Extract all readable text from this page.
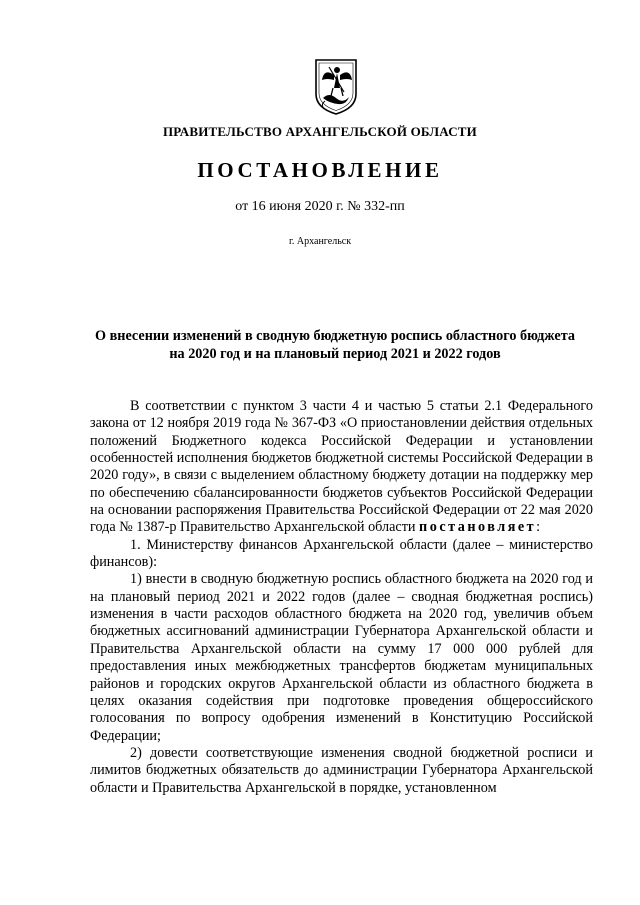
ПРАВИТЕЛЬСТВО АРХАНГЕЛЬСКОЙ ОБЛАСТИ
ПОСТАНОВЛЕНИЕ
от 16 июня 2020 г. № 332-пп
г. Архангельск
О внесении изменений в сводную бюджетную роспись областного бюджета на 2020 год и на плановый период 2021 и 2022 годов

В соответствии с пунктом 3 части 4 и частью 5 статьи 2.1 Федерального закона от 12 ноября 2019 года № 367-ФЗ «О приостановлении действия отдельных положений Бюджетного кодекса Российской Федерации и установлении особенностей исполнения бюджетов бюджетной системы Российской Федерации в 2020 году», в связи с выделением областному бюджету дотации на поддержку мер по обеспечению сбалансированности бюджетов субъектов Российской Федерации на основании распоряжения Правительства Российской Федерации от 22 мая 2020 года № 1387-р Правительство Архангельской области постановляет:

1. Министерству финансов Архангельской области (далее – министерство финансов):

1) внести в сводную бюджетную роспись областного бюджета на 2020 год и на плановый период 2021 и 2022 годов (далее – сводная бюджетная роспись) изменения в части расходов областного бюджета на 2020 год, увеличив объем бюджетных ассигнований администрации Губернатора Архангельской области и Правительства Архангельской области на сумму 17 000 000 рублей для предоставления иных межбюджетных трансфертов бюджетам муниципальных районов и городских округов Архангельской области из областного бюджета в целях оказания содействия при подготовке проведения общероссийского голосования по вопросу одобрения изменений в Конституцию Российской Федерации;

2) довести соответствующие изменения сводной бюджетной росписи и лимитов бюджетных обязательств до администрации Губернатора Архангельской области и Правительства Архангельской в порядке, установленном
